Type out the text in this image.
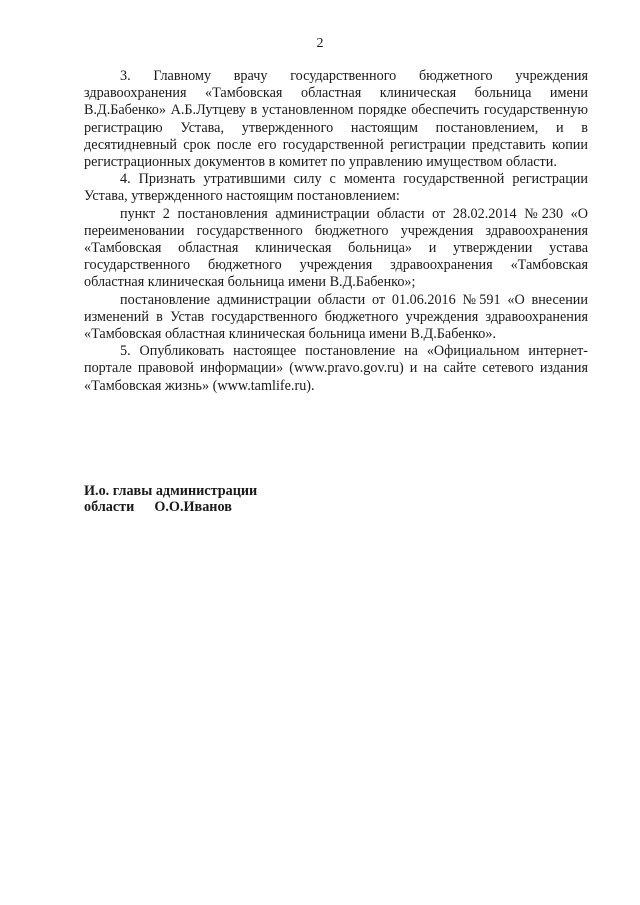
2

3. Главному врачу государственного бюджетного учреждения здравоохранения «Тамбовская областная клиническая больница имени В.Д.Бабенко» А.Б.Лутцеву в установленном порядке обеспечить государственную регистрацию Устава, утвержденного настоящим постановлением, и в десятидневный срок после его государственной регистрации представить копии регистрационных документов в комитет по управлению имуществом области.

4. Признать утратившими силу с момента государственной регистрации Устава, утвержденного настоящим постановлением:

пункт 2 постановления администрации области от 28.02.2014 №230 «О переименовании государственного бюджетного учреждения здравоохранения «Тамбовская областная клиническая больница» и утверждении устава государственного бюджетного учреждения здравоохранения «Тамбовская областная клиническая больница имени В.Д.Бабенко»;

постановление администрации области от 01.06.2016 №591 «О внесении изменений в Устав государственного бюджетного учреждения здравоохранения «Тамбовская областная клиническая больница имени В.Д.Бабенко».

5. Опубликовать настоящее постановление на «Официальном интернет-портале правовой информации» (www.pravo.gov.ru) и на сайте сетевого издания «Тамбовская жизнь» (www.tamlife.ru).

И.о. главы администрации
области О.О.Иванов
